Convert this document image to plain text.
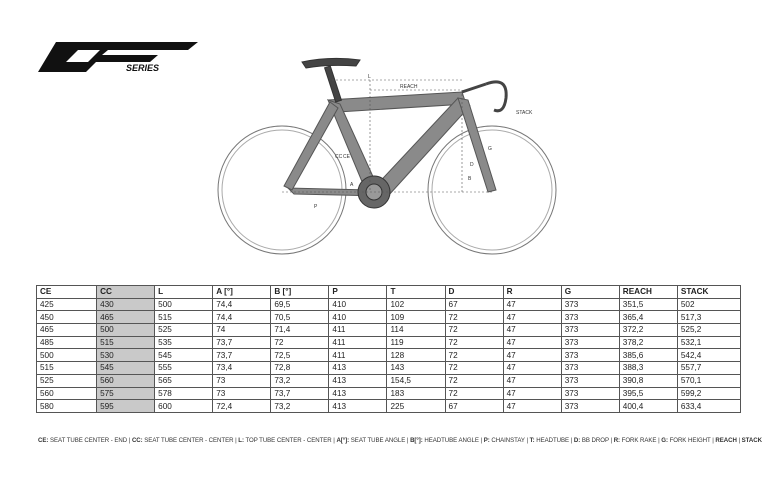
SERIES
REACH
STACK
L
CC CE
A
B
D
G
P
CE	CC	L	A [°]	B [°]	P	T	D	R	G	REACH	STACK
425	430	500	74,4	69,5	410	102	67	47	373	351,5	502
450	465	515	74,4	70,5	410	109	72	47	373	365,4	517,3
465	500	525	74	71,4	411	114	72	47	373	372,2	525,2
485	515	535	73,7	72	411	119	72	47	373	378,2	532,1
500	530	545	73,7	72,5	411	128	72	47	373	385,6	542,4
515	545	555	73,4	72,8	413	143	72	47	373	388,3	557,7
525	560	565	73	73,2	413	154,5	72	47	373	390,8	570,1
560	575	578	73	73,7	413	183	72	47	373	395,5	599,2
580	595	600	72,4	73,2	413	225	67	47	373	400,4	633,4
CE: SEAT TUBE CENTER - END | CC: SEAT TUBE CENTER - CENTER | L: TOP TUBE CENTER - CENTER | A[°]: SEAT TUBE ANGLE | B[°]: HEADTUBE ANGLE | P: CHAINSTAY | T: HEADTUBE | D: BB DROP | R: FORK RAKE | G: FORK HEIGHT | REACH | STACK
